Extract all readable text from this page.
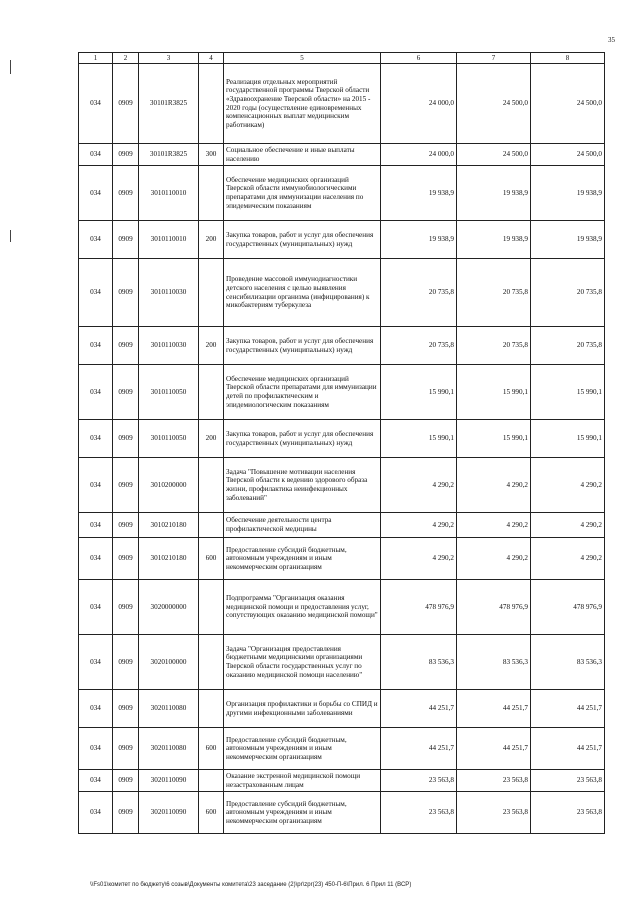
35
1	2	3	4	5	6	7	8
034	0909	30101R3825		Реализация отдельных мероприятий государственной программы Тверской области «Здравоохранение Тверской области» на 2015 - 2020 годы (осуществление единовременных компенсационных выплат медицинским работникам)	24 000,0	24 500,0	24 500,0
034	0909	30101R3825	300	Социальное обеспечение и иные выплаты населению	24 000,0	24 500,0	24 500,0
034	0909	3010110010		Обеспечение медицинских организаций Тверской области иммунобиологическими препаратами для иммунизации населения по эпидемическим показаниям	19 938,9	19 938,9	19 938,9
034	0909	3010110010	200	Закупка товаров, работ и услуг для обеспечения государственных (муниципальных) нужд	19 938,9	19 938,9	19 938,9
034	0909	3010110030		Проведение массовой иммунодиагностики детского населения с целью выявления сенсибилизации организма (инфицирования) к микобактериям туберкулеза	20 735,8	20 735,8	20 735,8
034	0909	3010110030	200	Закупка товаров, работ и услуг для обеспечения государственных (муниципальных) нужд	20 735,8	20 735,8	20 735,8
034	0909	3010110050		Обеспечение медицинских организаций Тверской области препаратами для иммунизации детей по профилактическим и эпидемиологическим показаниям	15 990,1	15 990,1	15 990,1
034	0909	3010110050	200	Закупка товаров, работ и услуг для обеспечения государственных (муниципальных) нужд	15 990,1	15 990,1	15 990,1
034	0909	3010200000		Задача "Повышение мотивации населения Тверской области к ведению здорового образа жизни, профилактика неинфекционных заболеваний"	4 290,2	4 290,2	4 290,2
034	0909	3010210180		Обеспечение деятельности центра профилактической медицины	4 290,2	4 290,2	4 290,2
034	0909	3010210180	600	Предоставление субсидий бюджетным, автономным учреждениям и иным некоммерческим организациям	4 290,2	4 290,2	4 290,2
034	0909	3020000000		Подпрограмма "Организация оказания медицинской помощи и предоставления услуг, сопутствующих оказанию медицинской помощи"	478 976,9	478 976,9	478 976,9
034	0909	3020100000		Задача "Организация предоставления бюджетными медицинскими организациями Тверской области государственных услуг по оказанию медицинской помощи населению"	83 536,3	83 536,3	83 536,3
034	0909	3020110080		Организация профилактики и борьбы со СПИД и другими инфекционными заболеваниями	44 251,7	44 251,7	44 251,7
034	0909	3020110080	600	Предоставление субсидий бюджетным, автономным учреждениям и иным некоммерческим организациям	44 251,7	44 251,7	44 251,7
034	0909	3020110090		Оказание экстренной медицинской помощи незастрахованным лицам	23 563,8	23 563,8	23 563,8
034	0909	3020110090	600	Предоставление субсидий бюджетным, автономным учреждениям и иным некоммерческим организациям	23 563,8	23 563,8	23 563,8
\\Fs01\комитет по бюджету\6 созыв\Документы комитета\23 заседание (2)\pr\zpr(23) 450-П-6\Прил. 6 Прил 11 (ВСР)
